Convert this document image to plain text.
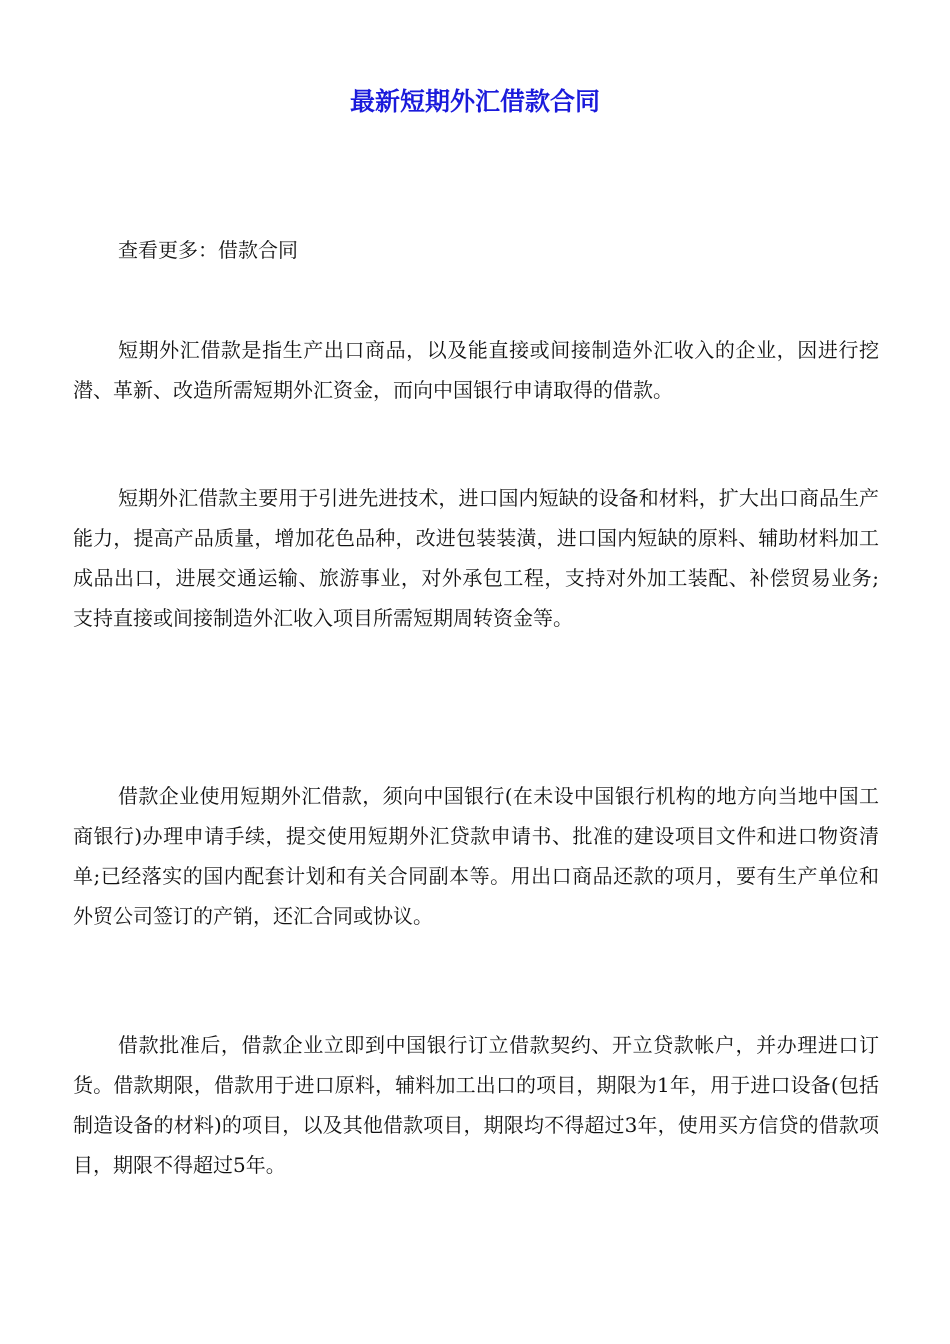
最新短期外汇借款合同

查看更多：借款合同

短期外汇借款是指生产出口商品，以及能直接或间接制造外汇收入的企业，因进行挖潜、革新、改造所需短期外汇资金，而向中国银行申请取得的借款。

短期外汇借款主要用于引进先进技术，进口国内短缺的设备和材料，扩大出口商品生产能力，提高产品质量，增加花色品种，改进包装装潢，进口国内短缺的原料、辅助材料加工成品出口，进展交通运输、旅游事业，对外承包工程，支持对外加工装配、补偿贸易业务;支持直接或间接制造外汇收入项目所需短期周转资金等。

借款企业使用短期外汇借款，须向中国银行(在未设中国银行机构的地方向当地中国工商银行)办理申请手续，提交使用短期外汇贷款申请书、批准的建设项目文件和进口物资清单;已经落实的国内配套计划和有关合同副本等。用出口商品还款的项月，要有生产单位和外贸公司签订的产销，还汇合同或协议。

借款批准后，借款企业立即到中国银行订立借款契约、开立贷款帐户，并办理进口订货。借款期限，借款用于进口原料，辅料加工出口的项目，期限为1年，用于进口设备(包括制造设备的材料)的项目，以及其他借款项目，期限均不得超过3年，使用买方信贷的借款项目，期限不得超过5年。
